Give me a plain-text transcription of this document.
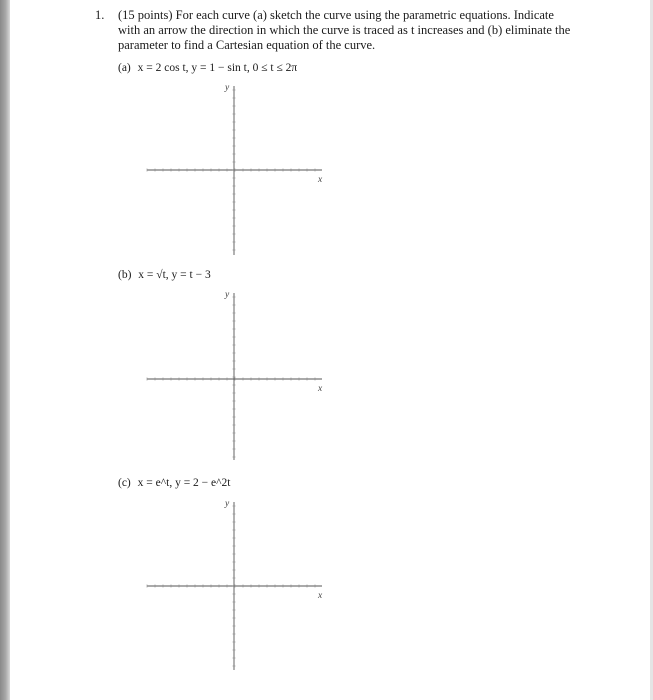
1. (15 points) For each curve (a) sketch the curve using the parametric equations. Indicate
with an arrow the direction in which the curve is traced as t increases and (b) eliminate the
parameter to find a Cartesian equation of the curve.
(a) x = 2 cos t, y = 1 − sin t, 0 ≤ t ≤ 2π
(b) x = √t, y = t − 3
(c) x = e^t, y = 2 − e^2t
x
y
x
y
x
y
